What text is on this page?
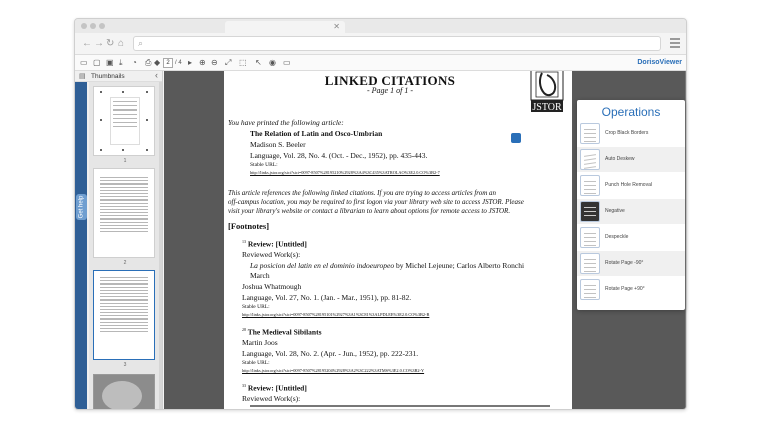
✕
← → ↻ ⌂ ⌕
▭ ▢ ▣ ⤓ ◔ ⎙ ◆	2 / 4 ▸ ⊕ ⊖ ⤢ ⬚ ↖ ◉ ▭	DorisoViewer
▤ Thumbnails	‹
Get help
1
2
3
LINKED CITATIONS
- Page 1 of 1 -
JSTOR
You have printed the following article:
The Relation of Latin and Osco-Umbrian
Madison S. Beeler
Language, Vol. 28, No. 4. (Oct. - Dec., 1952), pp. 435-443.
Stable URL:
http://links.jstor.org/sici?sici=0097-8507%28195210%2928%3A4%3C435%3ATROLAO%3E2.0.CO%3B2-7
This article references the following linked citations. If you are trying to access articles from an
off-campus location, you may be required to first logon via your library web site to access JSTOR. Please
visit your library's website or contact a librarian to learn about options for remote access to JSTOR.
[Footnotes]
$^{13}$ Review: [Untitled]
Reviewed Work(s):
La posicion del latin en el dominio indoeuropeo by Michel Lejeune; Carlos Alberto Ronchi
March
Joshua Whatmough
Language, Vol. 27, No. 1. (Jan. - Mar., 1951), pp. 81-82.
Stable URL:
http://links.jstor.org/sici?sici=0097-8507%28195101%2927%3A1%3C81%3ALPDLEE%3E2.0.CO%3B2-B
$^{28}$ The Medieval Sibilants
Martin Joos
Language, Vol. 28, No. 2. (Apr. - Jun., 1952), pp. 222-231.
Stable URL:
http://links.jstor.org/sici?sici=0097-8507%28195204%2928%3A2%3C222%3ATMS%3E2.0.CO%3B2-Y
$^{33}$ Review: [Untitled]
Reviewed Work(s):
Operations
Crop Black Borders
Auto Deskew
Punch Hole Removal
Negative
Despeckle
Rotate Page -90°
Rotate Page +90°
